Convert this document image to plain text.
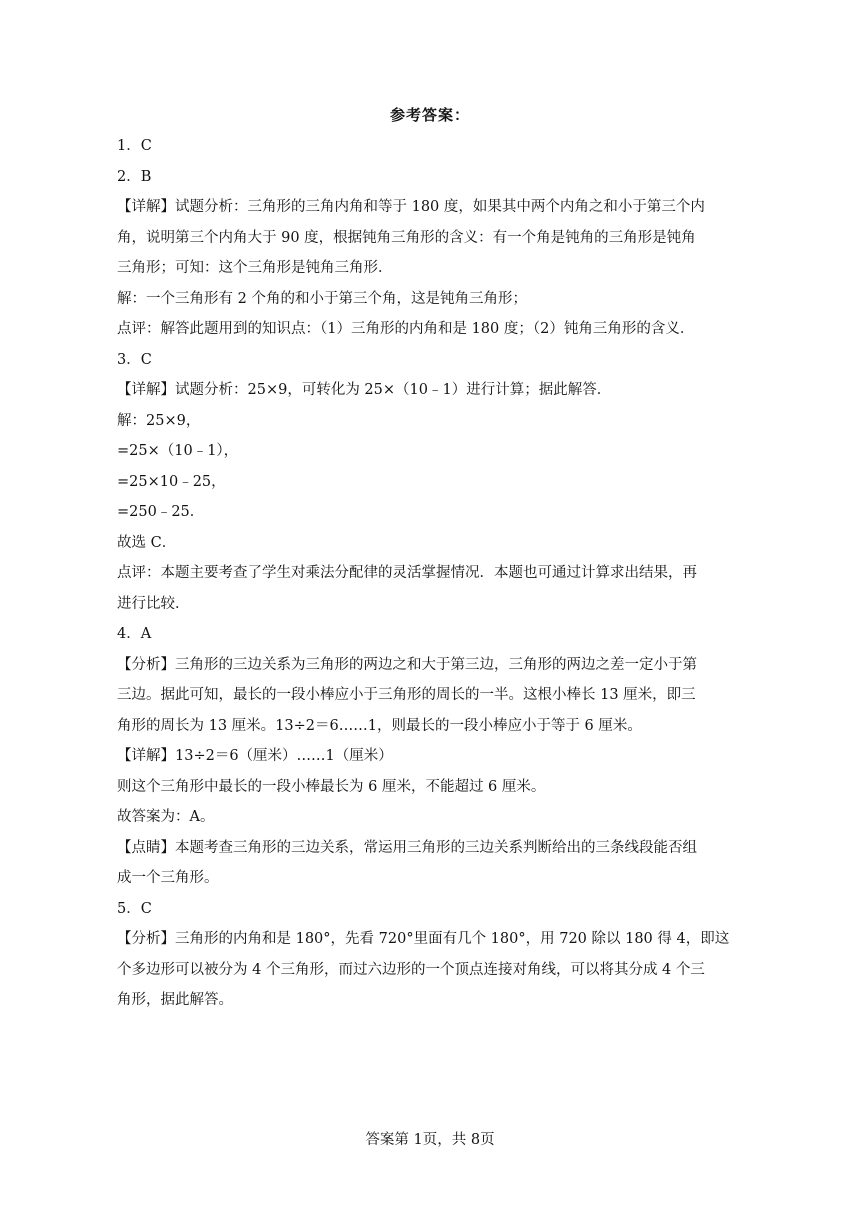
参考答案：
1．C
2．B
【详解】试题分析：三角形的三角内角和等于 180 度，如果其中两个内角之和小于第三个内
角，说明第三个内角大于 90 度，根据钝角三角形的含义：有一个角是钝角的三角形是钝角
三角形；可知：这个三角形是钝角三角形．
解：一个三角形有 2 个角的和小于第三个角，这是钝角三角形；
点评：解答此题用到的知识点：（1）三角形的内角和是 180 度；（2）钝角三角形的含义．
3．C
【详解】试题分析：25×9，可转化为 25×（10﹣1）进行计算；据此解答．
解：25×9，
=25×（10﹣1），
=25×10﹣25，
=250﹣25．
故选 C．
点评：本题主要考查了学生对乘法分配律的灵活掌握情况．本题也可通过计算求出结果，再
进行比较．
4．A
【分析】三角形的三边关系为三角形的两边之和大于第三边，三角形的两边之差一定小于第
三边。据此可知，最长的一段小棒应小于三角形的周长的一半。这根小棒长 13 厘米，即三
角形的周长为 13 厘米。13÷2＝6……1，则最长的一段小棒应小于等于 6 厘米。
【详解】13÷2＝6（厘米）……1（厘米）
则这个三角形中最长的一段小棒最长为 6 厘米，不能超过 6 厘米。
故答案为：A。
【点睛】本题考查三角形的三边关系，常运用三角形的三边关系判断给出的三条线段能否组
成一个三角形。
5．C
【分析】三角形的内角和是 180°，先看 720°里面有几个 180°，用 720 除以 180 得 4，即这
个多边形可以被分为 4 个三角形，而过六边形的一个顶点连接对角线，可以将其分成 4 个三
角形，据此解答。
答案第 1页，共 8页
